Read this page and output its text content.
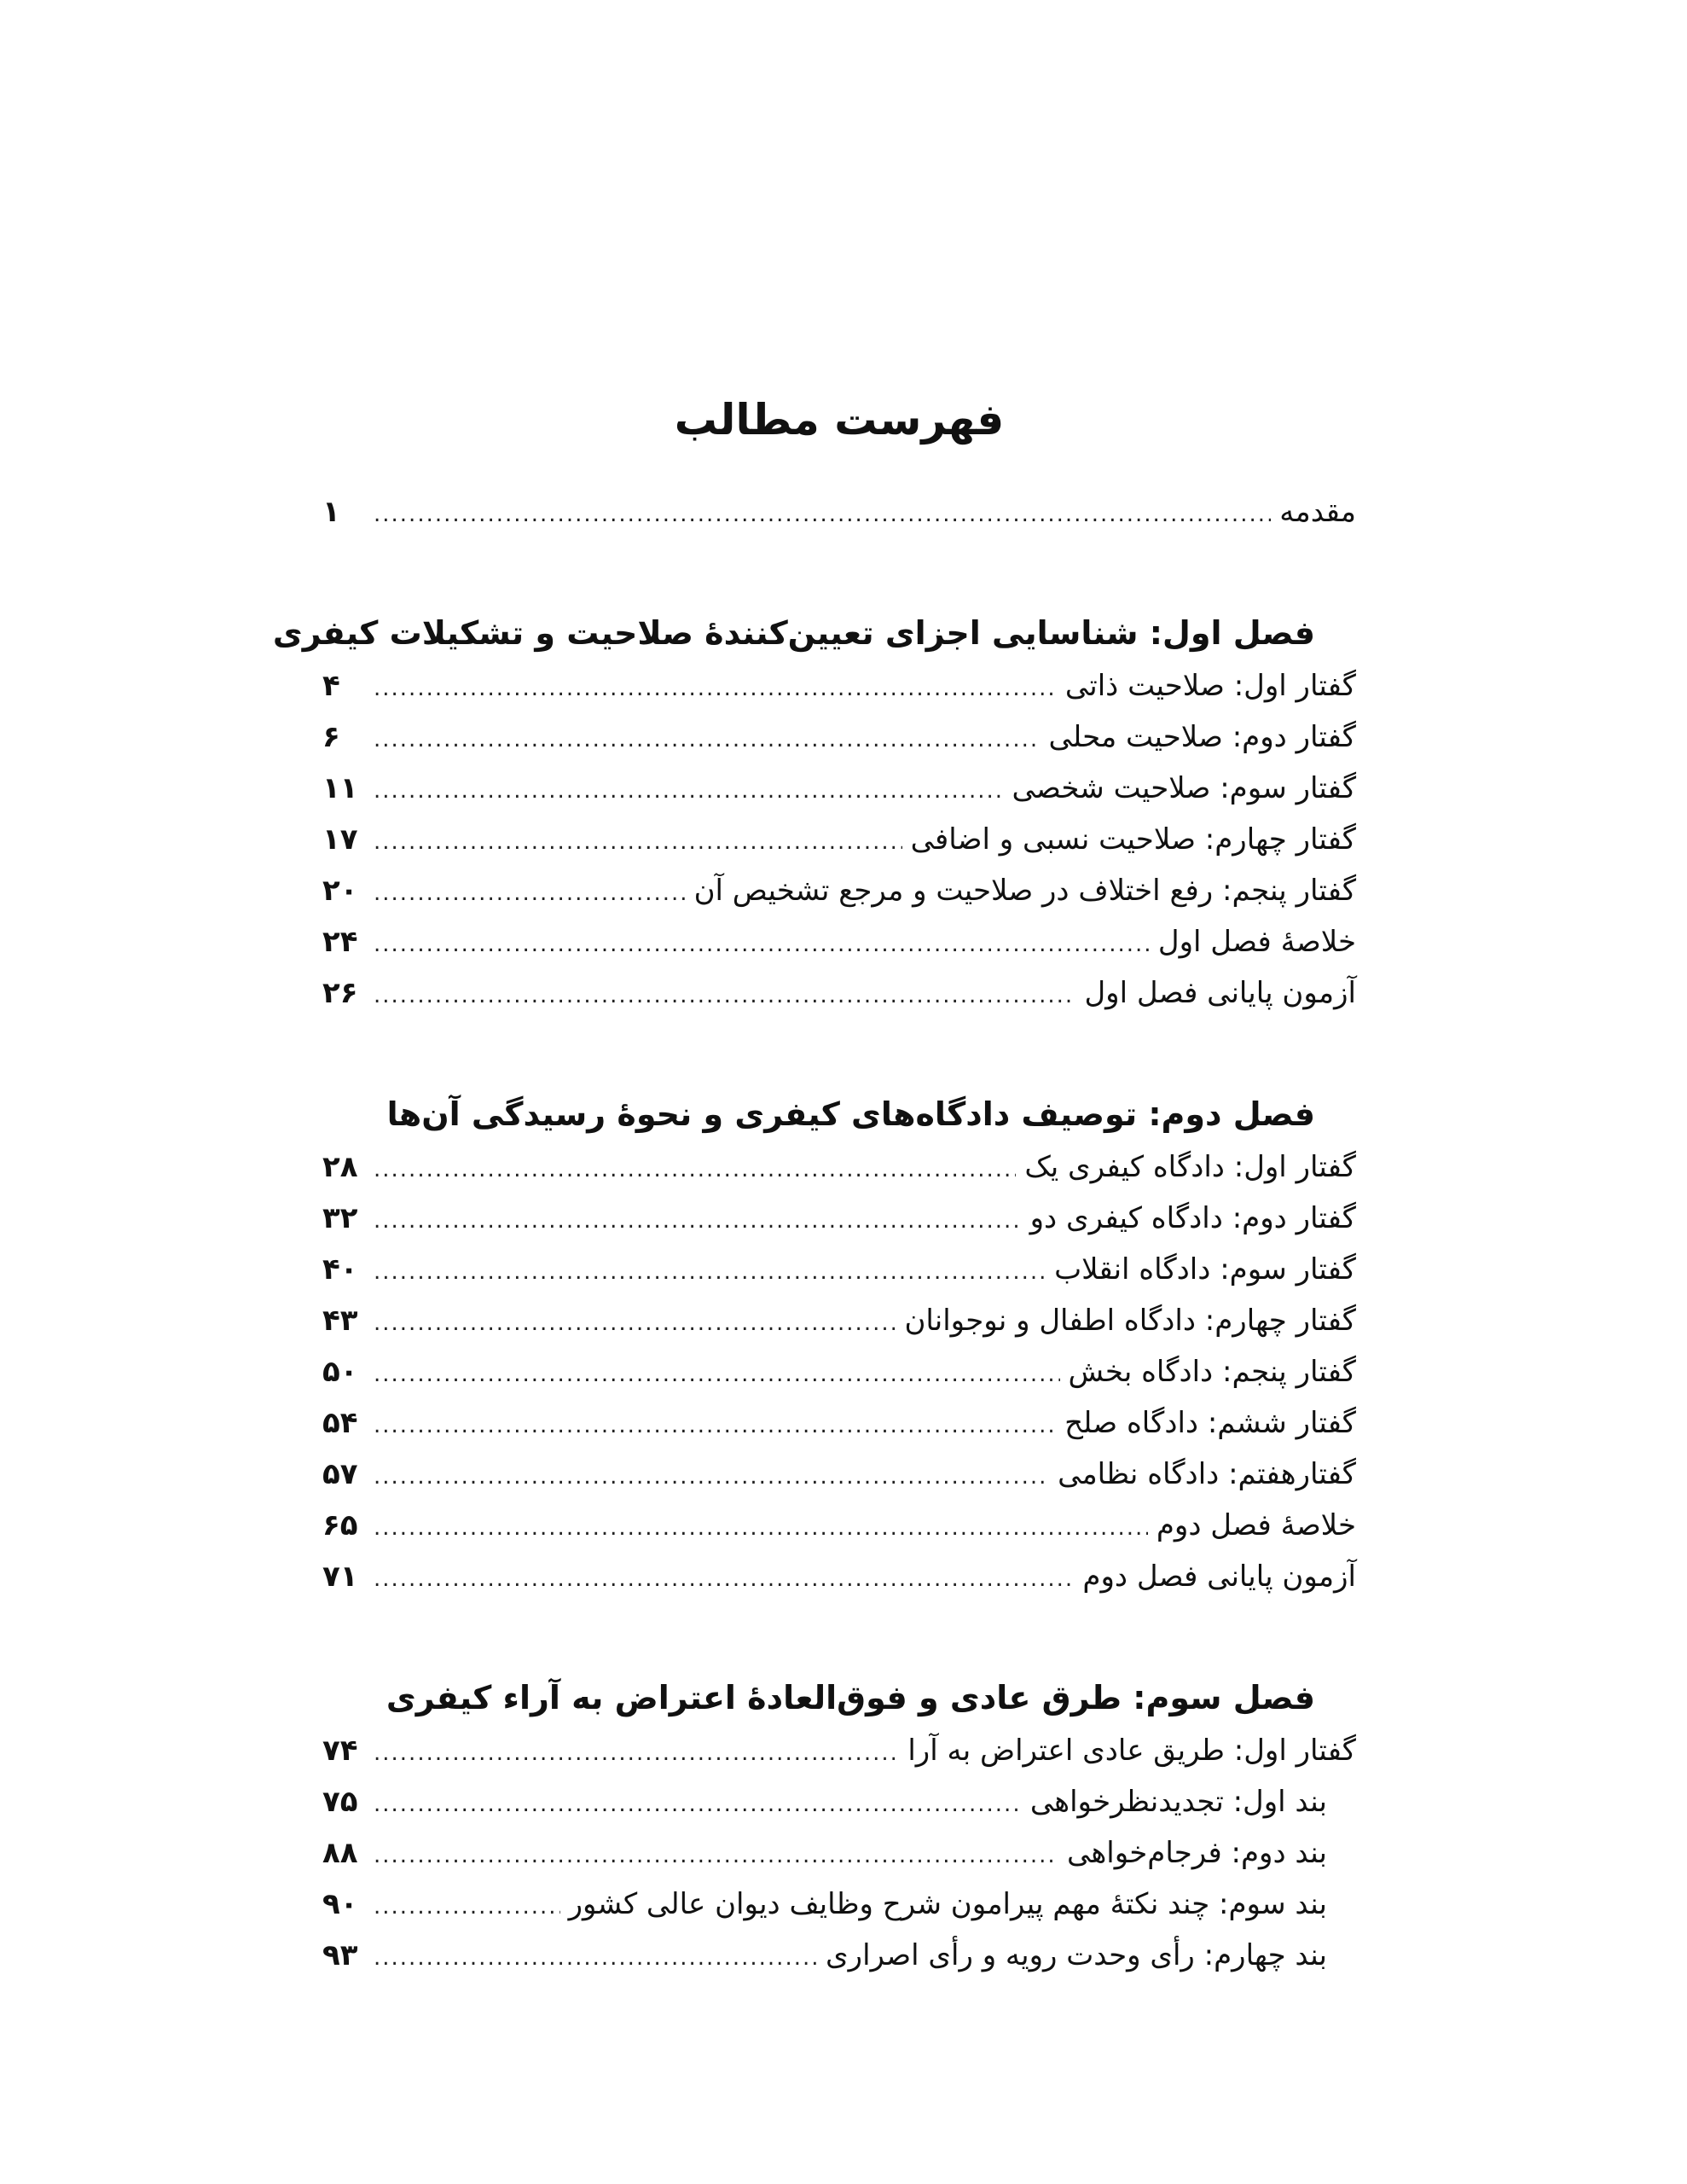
فهرست مطالب
مقدمه
.....
۱
فصل اول: شناسایی اجزای تعیین‌کنندۀ صلاحیت و تشکیلات کیفری
گفتار اول: صلاحیت ذاتی
.....
۴
گفتار دوم: صلاحیت محلی
.....
۶
گفتار سوم: صلاحیت شخصی
.....
۱۱
گفتار چهارم: صلاحیت نسبی و اضافی
.....
۱۷
گفتار پنجم: رفع اختلاف در صلاحیت و مرجع تشخیص آن
.....
۲۰
خلاصۀ فصل اول
.....
۲۴
آزمون پایانی فصل اول
.....
۲۶
فصل دوم: توصیف دادگاه‌های کیفری و نحوۀ رسیدگی آن‌ها
گفتار اول: دادگاه کیفری یک
.....
۲۸
گفتار دوم: دادگاه کیفری دو
.....
۳۲
گفتار سوم: دادگاه انقلاب
.....
۴۰
گفتار چهارم: دادگاه اطفال و نوجوانان
.....
۴۳
گفتار پنجم: دادگاه بخش
.....
۵۰
گفتار ششم: دادگاه صلح
.....
۵۴
گفتارهفتم: دادگاه نظامی
.....
۵۷
خلاصۀ فصل دوم
.....
۶۵
آزمون پایانی فصل دوم
.....
۷۱
فصل سوم: طرق عادی و فوق‌العادۀ اعتراض به آراء کیفری
گفتار اول: طریق عادی اعتراض به آرا
.....
۷۴
بند اول: تجدیدنظرخواهی
.....
۷۵
بند دوم: فرجام‌خواهی
.....
۸۸
بند سوم: چند نکتۀ مهم پیرامون شرح وظایف دیوان عالی کشور
.....
۹۰
بند چهارم: رأی وحدت رویه و رأی اصراری
.....
۹۳
